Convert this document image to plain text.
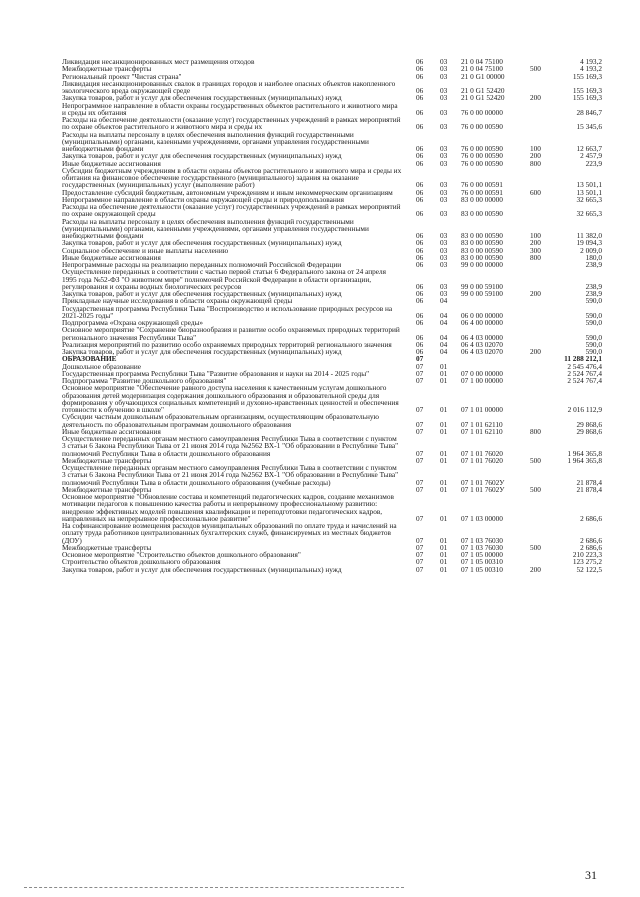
Ликвидация несанкционированных мест размещения отходов	06 03 21 0 04 75100	4 193,2
Межбюджетные трансферты	06 03 21 0 04 75100	500	4 193,2
Региональный проект "Чистая страна"	06 03 21 0 G1 00000	155 169,3
Ликвидация несанкционированных свалок в границах городов и наиболее опасных объектов накопленного экологического вреда окружающей среде	06 03 21 0 G1 52420	155 169,3
Закупка товаров, работ и услуг для обеспечения государственных (муниципальных) нужд	06 03 21 0 G1 52420	200	155 169,3
Непрограммное направление в области охраны государственных объектов растительного и животного мира и среды их обитания	06 03 76 0 00 00000	28 846,7
Расходы на обеспечение деятельности (оказание услуг) государственных учреждений в рамках мероприятий по охране объектов растительного и животного мира и среды их	06 03 76 0 00 00590	15 345,6
Расходы на выплаты персоналу в целях обеспечения выполнения функций государственными (муниципальными) органами, казенными учреждениями, органами управления государственными внебюджетными фондами	06 03 76 0 00 00590	100	12 663,7
Закупка товаров, работ и услуг для обеспечения государственных (муниципальных) нужд	06 03 76 0 00 00590	200	2 457,9
Иные бюджетные ассигнования	06 03 76 0 00 00590	800	223,9
Субсидии бюджетным учреждениям в области охраны объектов растительного и животного мира и среды их обитания на финансовое обеспечение государственного (муниципального) задания на оказание государственных (муниципальных) услуг (выполнение работ)	06 03 76 0 00 00591	13 501,1
Предоставление субсидий бюджетным, автономным учреждениям и иным некоммерческим организациям	06 03 76 0 00 00591	600	13 501,1
Непрограммное направление в области охраны окружающей среды и природопользования	06 03 83 0 00 00000	32 665,3
Расходы на обеспечение деятельности (оказание услуг) государственных учреждений в рамках мероприятий по охране окружающей среды	06 03 83 0 00 00590	32 665,3
Расходы на выплаты персоналу в целях обеспечения выполнения функций государственными (муниципальными) органами, казенными учреждениями, органами управления государственными внебюджетными фондами	06 03 83 0 00 00590	100	11 382,0
Закупка товаров, работ и услуг для обеспечения государственных (муниципальных) нужд	06 03 83 0 00 00590	200	19 094,3
Социальное обеспечение и иные выплаты населению	06 03 83 0 00 00590	300	2 009,0
Иные бюджетные ассигнования	06 03 83 0 00 00590	800	180,0
Непрограммные расходы на реализацию переданных полномочий Российской Федерации	06 03 99 0 00 00000	238,9
Осуществление переданных в соответствии с частью первой статьи 6 Федерального закона от 24 апреля 1995 года №52-ФЗ "О животном мире" полномочий Российской Федерации в области организации, регулирования и охраны водных биологических ресурсов	06 03 99 0 00 59100	238,9
Закупка товаров, работ и услуг для обеспечения государственных (муниципальных) нужд	06 03 99 0 00 59100	200	238,9
Прикладные научные исследования в области охраны окружающей среды	06 04	590,0
Государственная программа Республики Тыва "Воспроизводство и использование природных ресурсов на 2021-2025 годы"	06 04 06 0 00 00000	590,0
Подпрограмма «Охрана окружающей среды»	06 04 06 4 00 00000	590,0
Основное мероприятие "Сохранение биоразнообразия и развитие особо охраняемых природных территорий регионального значения Республики Тыва"	06 04 06 4 03 00000	590,0
Реализация мероприятий по развитию особо охраняемых природных территорий регионального значения	06 04 06 4 03 02070	590,0
Закупка товаров, работ и услуг для обеспечения государственных (муниципальных) нужд	06 04 06 4 03 02070	200	590,0
ОБРАЗОВАНИЕ	07	11 288 212,1
Дошкольное образование	07 01	2 545 476,4
Государственная программа Республики Тыва "Развитие образования и науки на 2014 - 2025 годы"	07 01 07 0 00 00000	2 524 767,4
Подпрограмма "Развитие дошкольного образования"	07 01 07 1 00 00000	2 524 767,4
Основное мероприятие "Обеспечение равного доступа населения к качественным услугам дошкольного образования детей модернизация содержания дошкольного образования и образовательной среды для формирования у обучающихся социальных компетенций и духовно-нравственных ценностей и обеспечения готовности к обучению в школе"	07 01 07 1 01 00000	2 016 112,9
Субсидии частным дошкольным образовательным организациям, осуществляющим образовательную деятельность по образовательным программам дошкольного образования	07 01 07 1 01 62110	29 868,6
Иные бюджетные ассигнования	07 01 07 1 01 62110	800	29 868,6
Осуществление переданных органам местного самоуправления Республики Тыва в соответствии с пунктом 3 статьи 6 Закона Республики Тыва от 21 июня 2014 года №2562 ВХ-1 "Об образовании в Республике Тыва" полномочий Республики Тыва в области дошкольного образования	07 01 07 1 01 76020	1 964 365,8
Межбюджетные трансферты	07 01 07 1 01 76020	500	1 964 365,8
Осуществление переданных органам местного самоуправления Республики Тыва в соответствии с пунктом 3 статьи 6 Закона Республики Тыва от 21 июня 2014 года №2562 ВХ-1 "Об образовании в Республике Тыва" полномочий Республики Тыва в области дошкольного образования (учебные расходы)	07 01 07 1 01 7602У	21 878,4
Межбюджетные трансферты	07 01 07 1 01 7602У	500	21 878,4
Основное мероприятие "Обновление состава и компетенций педагогических кадров, создание механизмов мотивации педагогов к повышению качества работы и непрерывному профессиональному развитию: внедрение эффективных моделей повышения квалификации и переподготовки педагогических кадров, направленных на непрерывное профессиональное развитие"	07 01 07 1 03 00000	2 686,6
На софинансирование возмещения расходов муниципальных образований по оплате труда и начислений на оплату труда работников централизованных бухгалтерских служб, финансируемых из местных бюджетов (ДОУ)	07 01 07 1 03 76030	2 686,6
Межбюджетные трансферты	07 01 07 1 03 76030	500	2 686,6
Основное мероприятие "Строительство объектов дошкольного образования"	07 01 07 1 05 00000	210 223,3
Строительство объектов дошкольного образования	07 01 07 1 05 00310	123 275,2
Закупка товаров, работ и услуг для обеспечения государственных (муниципальных) нужд	07 01 07 1 05 00310	200	52 122,5
31
